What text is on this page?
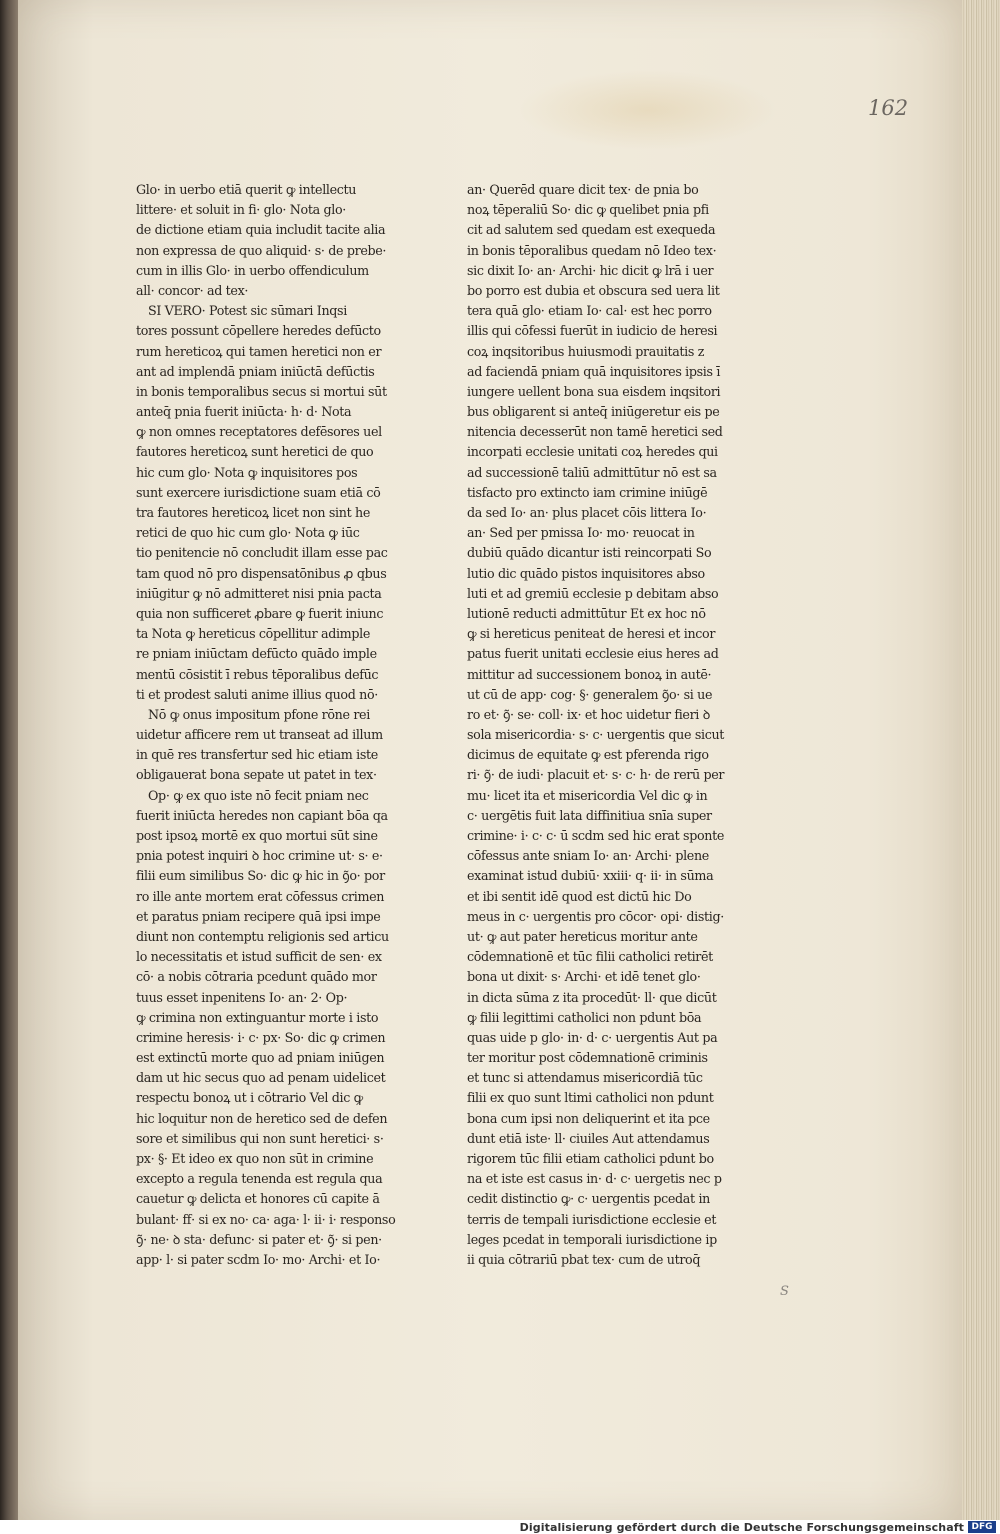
162
Glo· in uerbo etiā querit ꝙ intellectu
littere· et soluit in fi· glo· Nota glo·
de dictione etiam quia includit tacite alia
non expressa de quo aliquid· s· de prebe·
cum in illis Glo· in uerbo offendiculum
all· concor· ad tex·
SI VERO· Potest sic sūmari Inqsi
tores possunt cōpellere heredes defūcto
rum hereticoꝝ qui tamen heretici non er
ant ad implendā pniam iniūctā defūctis
in bonis temporalibus secus si mortui sūt
anteq̄ pnia fuerit iniūcta· h· d· Nota
ꝙ non omnes receptatores defēsores uel
fautores hereticoꝝ sunt heretici de quo
hic cum glo· Nota ꝙ inquisitores pos
sunt exercere iurisdictione suam etiā cō
tra fautores hereticoꝝ licet non sint he
retici de quo hic cum glo· Nota ꝙ iūc
tio penitencie nō concludit illam esse pac
tam quod nō pro dispensatōnibus ꝓ qbus
iniūgitur ꝙ nō admitteret nisi pnia pacta
quia non sufficeret ꝓbare ꝙ fuerit iniunc
ta Nota ꝙ hereticus cōpellitur adimple
re pniam iniūctam defūcto quādo imple
mentū cōsistit ī rebus tēporalibus defūc
ti et prodest saluti anime illius quod nō·
Nō ꝙ onus impositum pfone rōne rei
uidetur afficere rem ut transeat ad illum
in quē res transfertur sed hic etiam iste
obligauerat bona sepate ut patet in tex·
Op· ꝙ ex quo iste nō fecit pniam nec
fuerit iniūcta heredes non capiant bōa qa
post ipsoꝝ mortē ex quo mortui sūt sine
pnia potest inquiri ꝺ hoc crimine ut· s· e·
filii eum similibus So· dic ꝙ hic in ꝯ̃o· por
ro ille ante mortem erat cōfessus crimen
et paratus pniam recipere quā ipsi impe
diunt non contemptu religionis sed articu
lo necessitatis et istud sufficit de sen· ex
cō· a nobis cōtraria pcedunt quādo mor
tuus esset inpenitens Io· an· 2· Op·
ꝙ crimina non extinguantur morte i isto
crimine heresis· i· c· px· So· dic ꝙ crimen
est extinctū morte quo ad pniam iniūgen
dam ut hic secus quo ad penam uidelicet
respectu bonoꝝ ut i cōtrario Vel dic ꝙ
hic loquitur non de heretico sed de defen
sore et similibus qui non sunt heretici· s·
px· §· Et ideo ex quo non sūt in crimine
excepto a regula tenenda est regula qua
cauetur ꝙ delicta et honores cū capite ā
bulant· ff· si ex no· ca· aga· l· ii· i· responso
ꝯ̃· ne· ꝺ sta· defunc· si pater et· ꝯ̃· si pen·
app· l· si pater scdm Io· mo· Archi· et Io·
an· Querēd quare dicit tex· de pnia bo
noꝝ tēperaliū So· dic ꝙ quelibet pnia pfi
cit ad salutem sed quedam est exequeda
in bonis tēporalibus quedam nō Ideo tex·
sic dixit Io· an· Archi· hic dicit ꝙ lrā i uer
bo porro est dubia et obscura sed uera lit
tera quā glo· etiam Io· cal· est hec porro
illis qui cōfessi fuerūt in iudicio de heresi
coꝝ inqsitoribus huiusmodi prauitatis z
ad faciendā pniam quā inquisitores ipsis ī
iungere uellent bona sua eisdem inqsitori
bus obligarent si anteq̄ iniūgeretur eis pe
nitencia decesserūt non tamē heretici sed
incorpati ecclesie unitati coꝝ heredes qui
ad successionē taliū admittūtur nō est sa
tisfacto pro extincto iam crimine iniūgē
da sed Io· an· plus placet cōis littera Io·
an· Sed per pmissa Io· mo· reuocat in
dubiū quādo dicantur isti reincorpati So
lutio dic quādo pistos inquisitores abso
luti et ad gremiū ecclesie p debitam abso
lutionē reducti admittūtur Et ex hoc nō
ꝙ si hereticus peniteat de heresi et incor
patus fuerit unitati ecclesie eius heres ad
mittitur ad successionem bonoꝝ in autē·
ut cū de app· cog· §· generalem ꝯ̃o· si ue
ro et· ꝯ̃· se· coll· ix· et hoc uidetur fieri ꝺ
sola misericordia· s· c· uergentis que sicut
dicimus de equitate ꝙ est pferenda rigo
ri· ꝯ̃· de iudi· placuit et· s· c· h· de rerū per
mu· licet ita et misericordia Vel dic ꝙ in
c· uergētis fuit lata diffinitiua snīa super
crimine· i· c· c· ū scdm sed hic erat sponte
cōfessus ante sniam Io· an· Archi· plene
examinat istud dubiū· xxiii· q· ii· in sūma
et ibi sentit idē quod est dictū hic Do
meus in c· uergentis pro cōcor· opi· distig·
ut· ꝙ aut pater hereticus moritur ante
cōdemnationē et tūc filii catholici retirēt
bona ut dixit· s· Archi· et idē tenet glo·
in dicta sūma z ita procedūt· ll· que dicūt
ꝙ filii legittimi catholici non pdunt bōa
quas uide p glo· in· d· c· uergentis Aut pa
ter moritur post cōdemnationē criminis
et tunc si attendamus misericordiā tūc
filii ex quo sunt ltimi catholici non pdunt
bona cum ipsi non deliquerint et ita pce
dunt etiā iste· ll· ciuiles Aut attendamus
rigorem tūc filii etiam catholici pdunt bo
na et iste est casus in· d· c· uergetis nec p
cedit distinctio ꝙ· c· uergentis pcedat in
terris de tempali iurisdictione ecclesie et
leges pcedat in temporali iurisdictione ip
ii quia cōtrariū pbat tex· cum de utroq̄
S
Digitalisierung gefördert durch die Deutsche Forschungsgemeinschaft DFG
